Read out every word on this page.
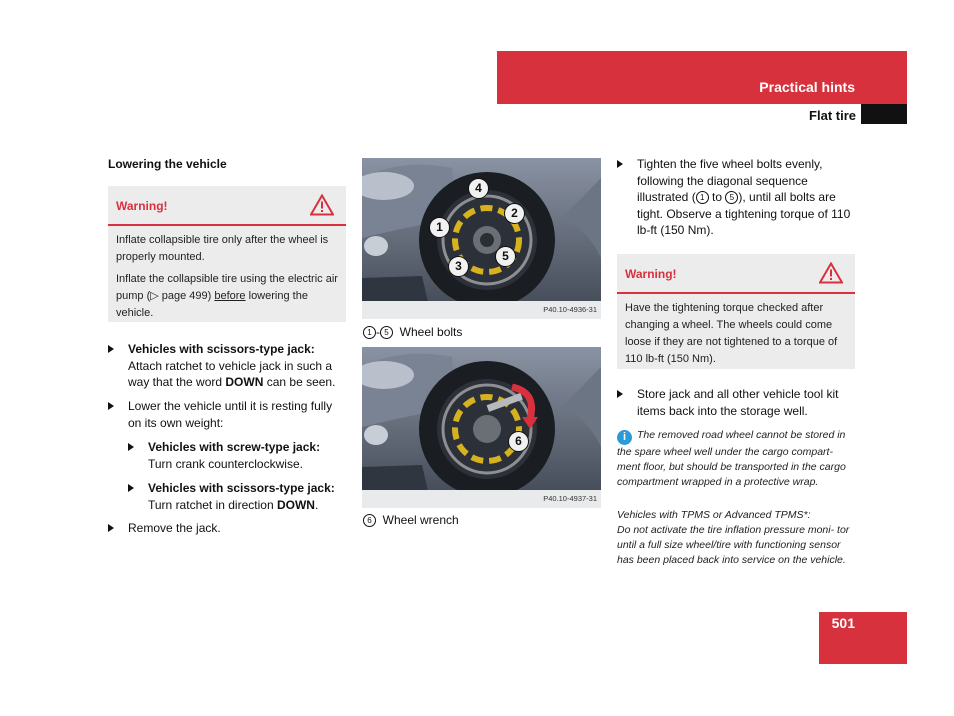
Practical hints
Flat tire
Lowering the vehicle
Warning!

Inflate collapsible tire only after the wheel is properly mounted.

Inflate the collapsible tire using the electric air pump (▷ page 499) before lowering the vehicle.

Vehicles with scissors-type jack:
Attach ratchet to vehicle jack in such a way that the word DOWN can be seen.
Lower the vehicle until it is resting fully on its own weight:
Vehicles with screw-type jack:
Turn crank counterclockwise.
Vehicles with scissors-type jack:
Turn ratchet in direction DOWN.
Remove the jack.
4
2
1
5
3
P40.10-4936-31
1 - 5 Wheel bolts
6
P40.10-4937-31
6 Wheel wrench
Tighten the five wheel bolts evenly, following the diagonal sequence illustrated ( 1 to 5 ), until all bolts are tight. Observe a tightening torque of 110 lb-ft (150 Nm).
Warning!
Have the tightening torque checked after changing a wheel. The wheels could come loose if they are not tightened to a torque of 110 lb-ft (150 Nm).
Store jack and all other vehicle tool kit items back into the storage well.
i The removed road wheel cannot be stored in the spare wheel well under the cargo compart- ment floor, but should be transported in the cargo compartment wrapped in a protective wrap.
Vehicles with TPMS or Advanced TPMS*:
Do not activate the tire inflation pressure moni- tor until a full size wheel/tire with functioning sensor has been placed back into service on the vehicle.
501
